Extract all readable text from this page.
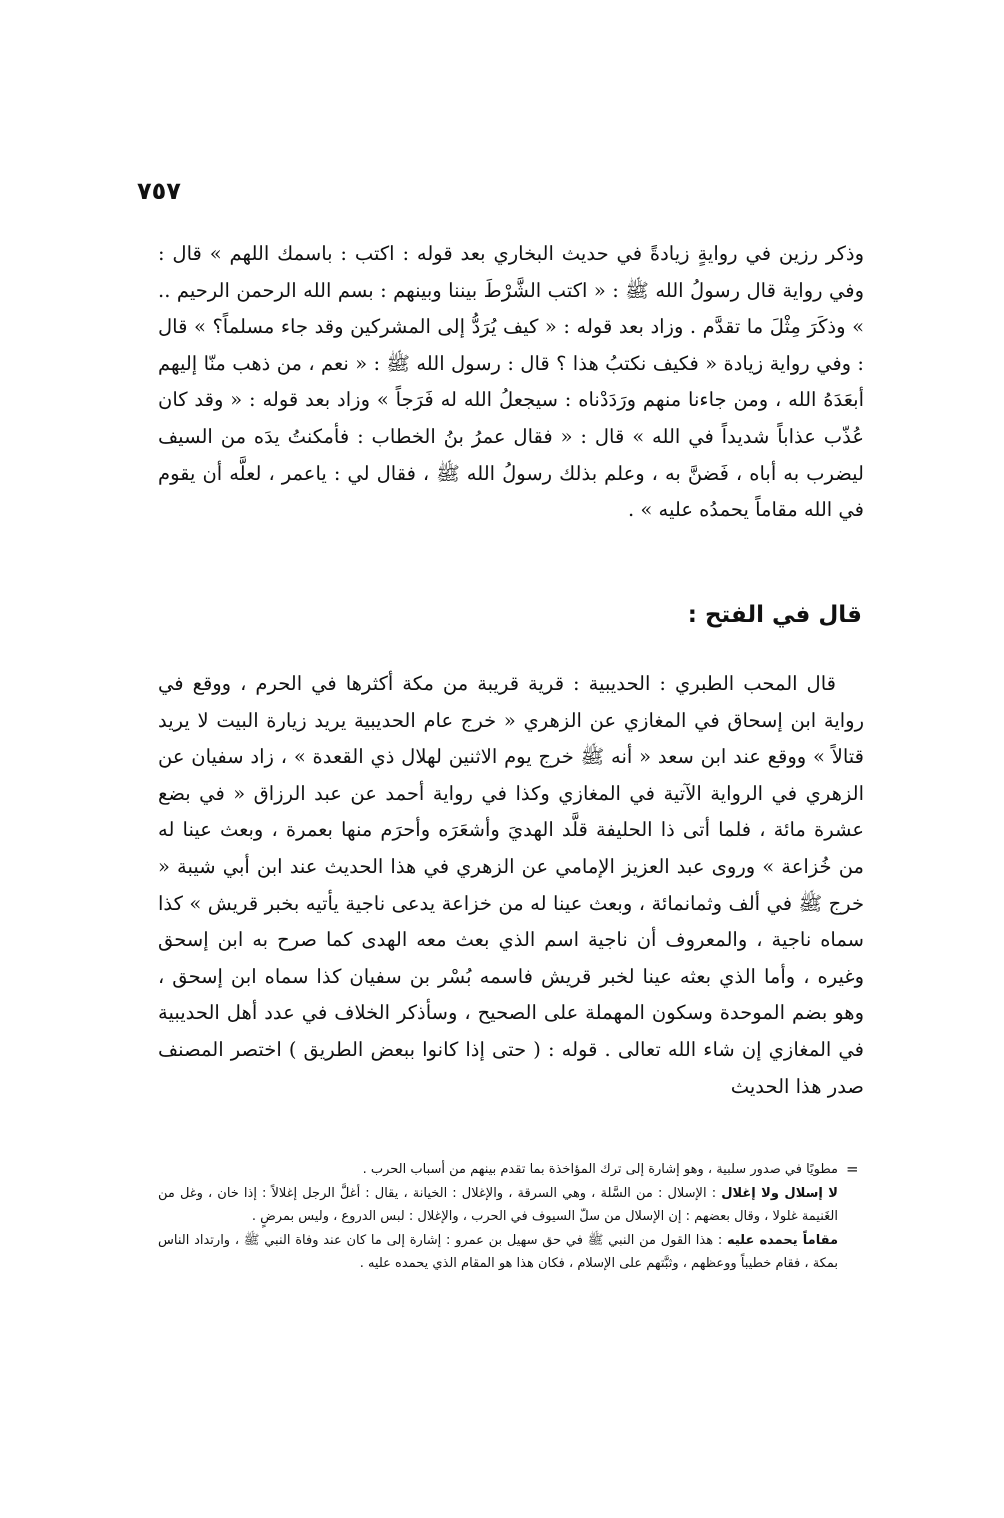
٧٥٧
وذكر رزين في روايةٍ زيادةً في حديث البخاري بعد قوله : اكتب : باسمك اللهم » قال : وفي رواية قال رسولُ الله ﷺ : « اكتب الشَّرْطَ بيننا وبينهم : بسم الله الرحمن الرحيم .. » وذكَرَ مِثْلَ ما تقدَّم . وزاد بعد قوله : « كيف يُرَدُّ إلى المشركين وقد جاء مسلماً؟ » قال : وفي رواية زيادة « فكيف نكتبُ هذا ؟ قال : رسول الله ﷺ : « نعم ، من ذهب منّا إليهم أبعَدَهُ الله ، ومن جاءنا منهم ورَدَدْناه : سيجعلُ الله له فَرَجاً » وزاد بعد قوله : « وقد كان عُذّب عذاباً شديداً في الله » قال : « فقال عمرُ بنُ الخطاب : فأمكنتُ يدَه من السيف ليضرب به أباه ، فَضنَّ به ، وعلم بذلك رسولُ الله ﷺ ، فقال لي : ياعمر ، لعلَّه أن يقوم في الله مقاماً يحمدُه عليه » .
قال في الفتح :
قال المحب الطبري : الحديبية : قرية قريبة من مكة أكثرها في الحرم ، ووقع في رواية ابن إسحاق في المغازي عن الزهري « خرج عام الحديبية يريد زيارة البيت لا يريد قتالاً » ووقع عند ابن سعد « أنه ﷺ خرج يوم الاثنين لهلال ذي القعدة » ، زاد سفيان عن الزهري في الرواية الآتية في المغازي وكذا في رواية أحمد عن عبد الرزاق « في بضع عشرة مائة ، فلما أتى ذا الحليفة قلَّد الهديَ وأشعَرَه وأحرَم منها بعمرة ، وبعث عينا له من خُزاعة » وروى عبد العزيز الإمامي عن الزهري في هذا الحديث عند ابن أبي شيبة « خرج ﷺ في ألف وثمانمائة ، وبعث عينا له من خزاعة يدعى ناجية يأتيه بخبر قريش » كذا سماه ناجية ، والمعروف أن ناجية اسم الذي بعث معه الهدى كما صرح به ابن إسحق وغيره ، وأما الذي بعثه عينا لخبر قريش فاسمه بُسْر بن سفيان كذا سماه ابن إسحق ، وهو بضم الموحدة وسكون المهملة على الصحيح ، وسأذكر الخلاف في عدد أهل الحديبية في المغازي إن شاء الله تعالى . قوله : ( حتى إذا كانوا ببعض الطريق ) اختصر المصنف صدر هذا الحديث
=

مطويًا في صدور سلبية ، وهو إشارة إلى ترك المؤاخذة بما تقدم بينهم من أسباب الحرب .

لا إسلال ولا إغلال : الإسلال : من السَّلة ، وهي السرقة ، والإغلال : الخيانة ، يقال : أغلَّ الرجل إغلالاً : إذا خان ، وغل من الغَنيمة غلولا ، وقال بعضهم : إن الإسلال من سلّ السيوف في الحرب ، والإغلال : لبس الدروع ، وليس بمرضٍ .

مقاماً يحمده عليه : هذا القول من النبي ﷺ في حق سهيل بن عمرو : إشارة إلى ما كان عند وفاة النبي ﷺ ، وارتداد الناس بمكة ، فقام خطيباً ووعظهم ، وثبَّتهم على الإسلام ، فكان هذا هو المقام الذي يحمده عليه .
